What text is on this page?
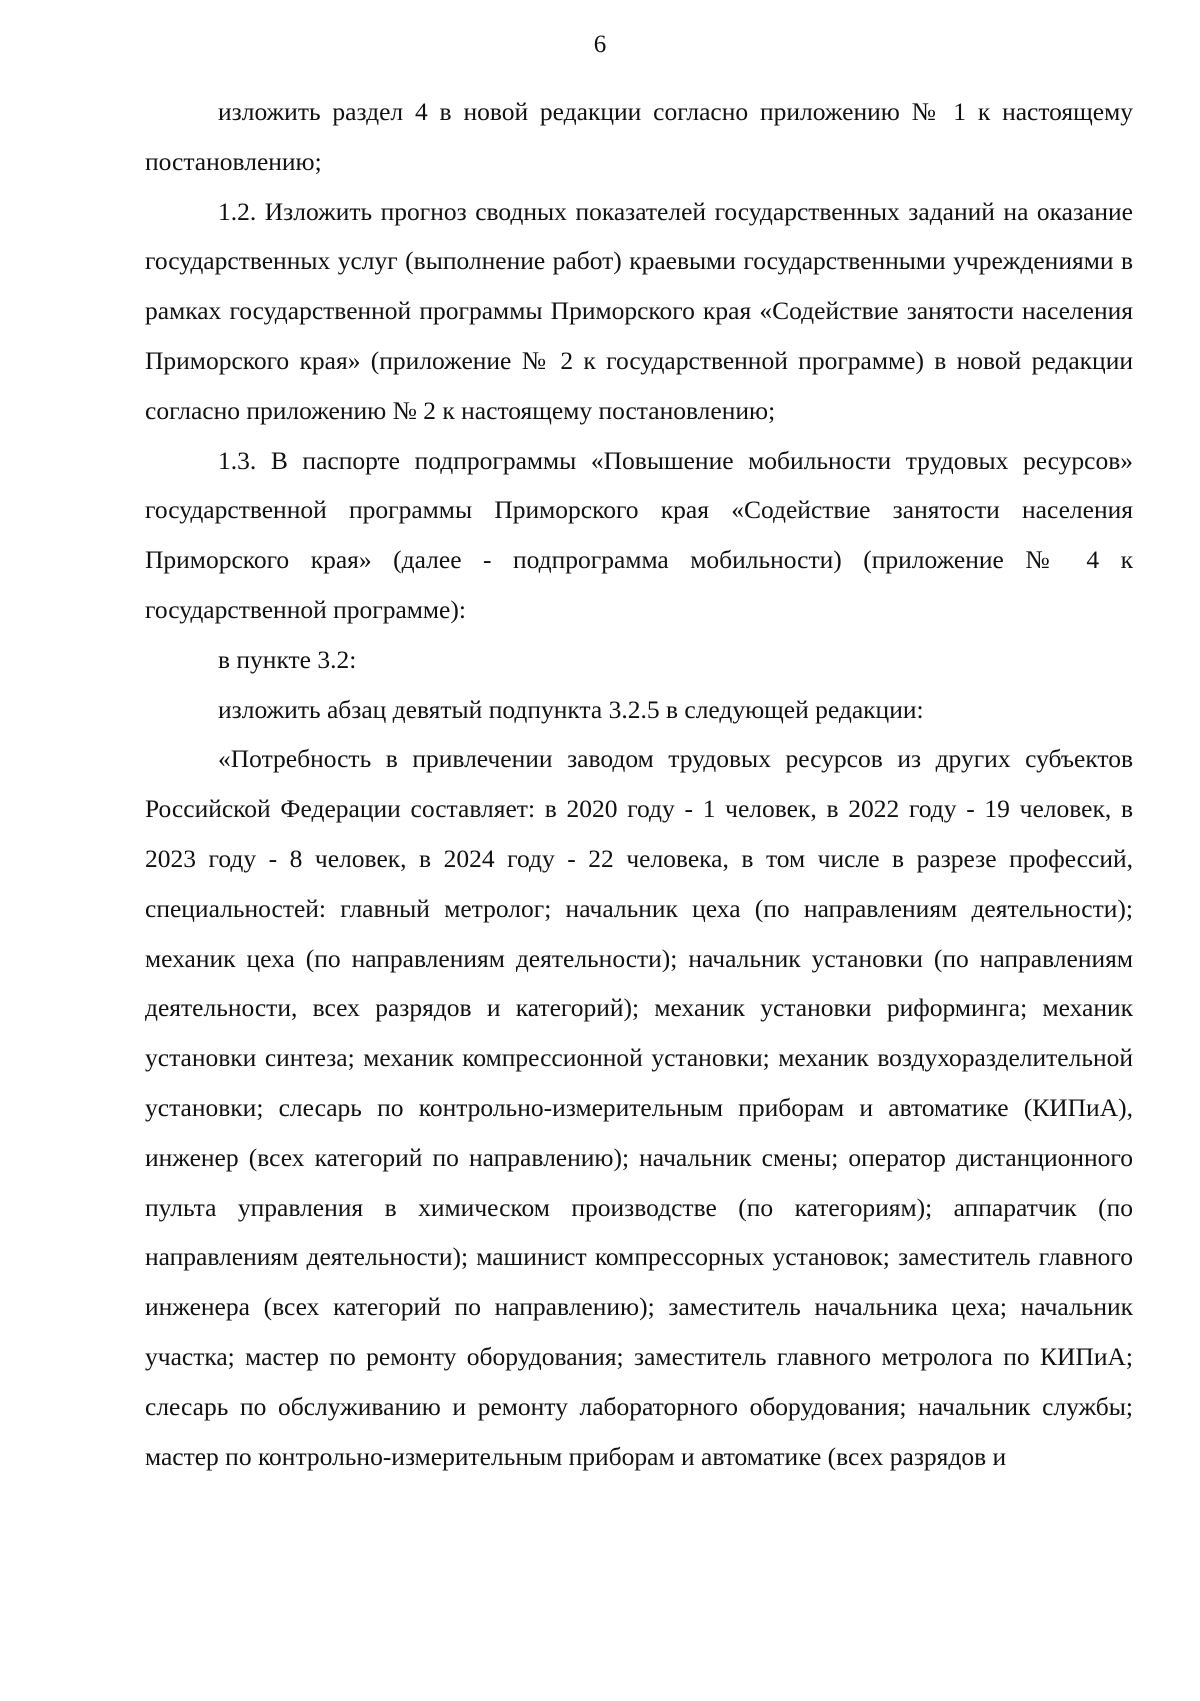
6

изложить раздел 4 в новой редакции согласно приложению № 1 к настоящему постановлению;

1.2. Изложить прогноз сводных показателей государственных заданий на оказание государственных услуг (выполнение работ) краевыми государственными учреждениями в рамках государственной программы Приморского края «Содействие занятости населения Приморского края» (приложение № 2 к государственной программе) в новой редакции согласно приложению № 2 к настоящему постановлению;

1.3. В паспорте подпрограммы «Повышение мобильности трудовых ресурсов» государственной программы Приморского края «Содействие занятости населения Приморского края» (далее - подпрограмма мобильности) (приложение № 4 к государственной программе):

в пункте 3.2:

изложить абзац девятый подпункта 3.2.5 в следующей редакции:

«Потребность в привлечении заводом трудовых ресурсов из других субъектов Российской Федерации составляет: в 2020 году - 1 человек, в 2022 году - 19 человек, в 2023 году - 8 человек, в 2024 году - 22 человека, в том числе в разрезе профессий, специальностей: главный метролог; начальник цеха (по направлениям деятельности); механик цеха (по направлениям деятельности); начальник установки (по направлениям деятельности, всех разрядов и категорий); механик установки риформинга; механик установки синтеза; механик компрессионной установки; механик воздухоразделительной установки; слесарь по контрольно-измерительным приборам и автоматике (КИПиА), инженер (всех категорий по направлению); начальник смены; оператор дистанционного пульта управления в химическом производстве (по категориям); аппаратчик (по направлениям деятельности); машинист компрессорных установок; заместитель главного инженера (всех категорий по направлению); заместитель начальника цеха; начальник участка; мастер по ремонту оборудования; заместитель главного метролога по КИПиА; слесарь по обслуживанию и ремонту лабораторного оборудования; начальник службы; мастер по контрольно-измерительным приборам и автоматике (всех разрядов и
